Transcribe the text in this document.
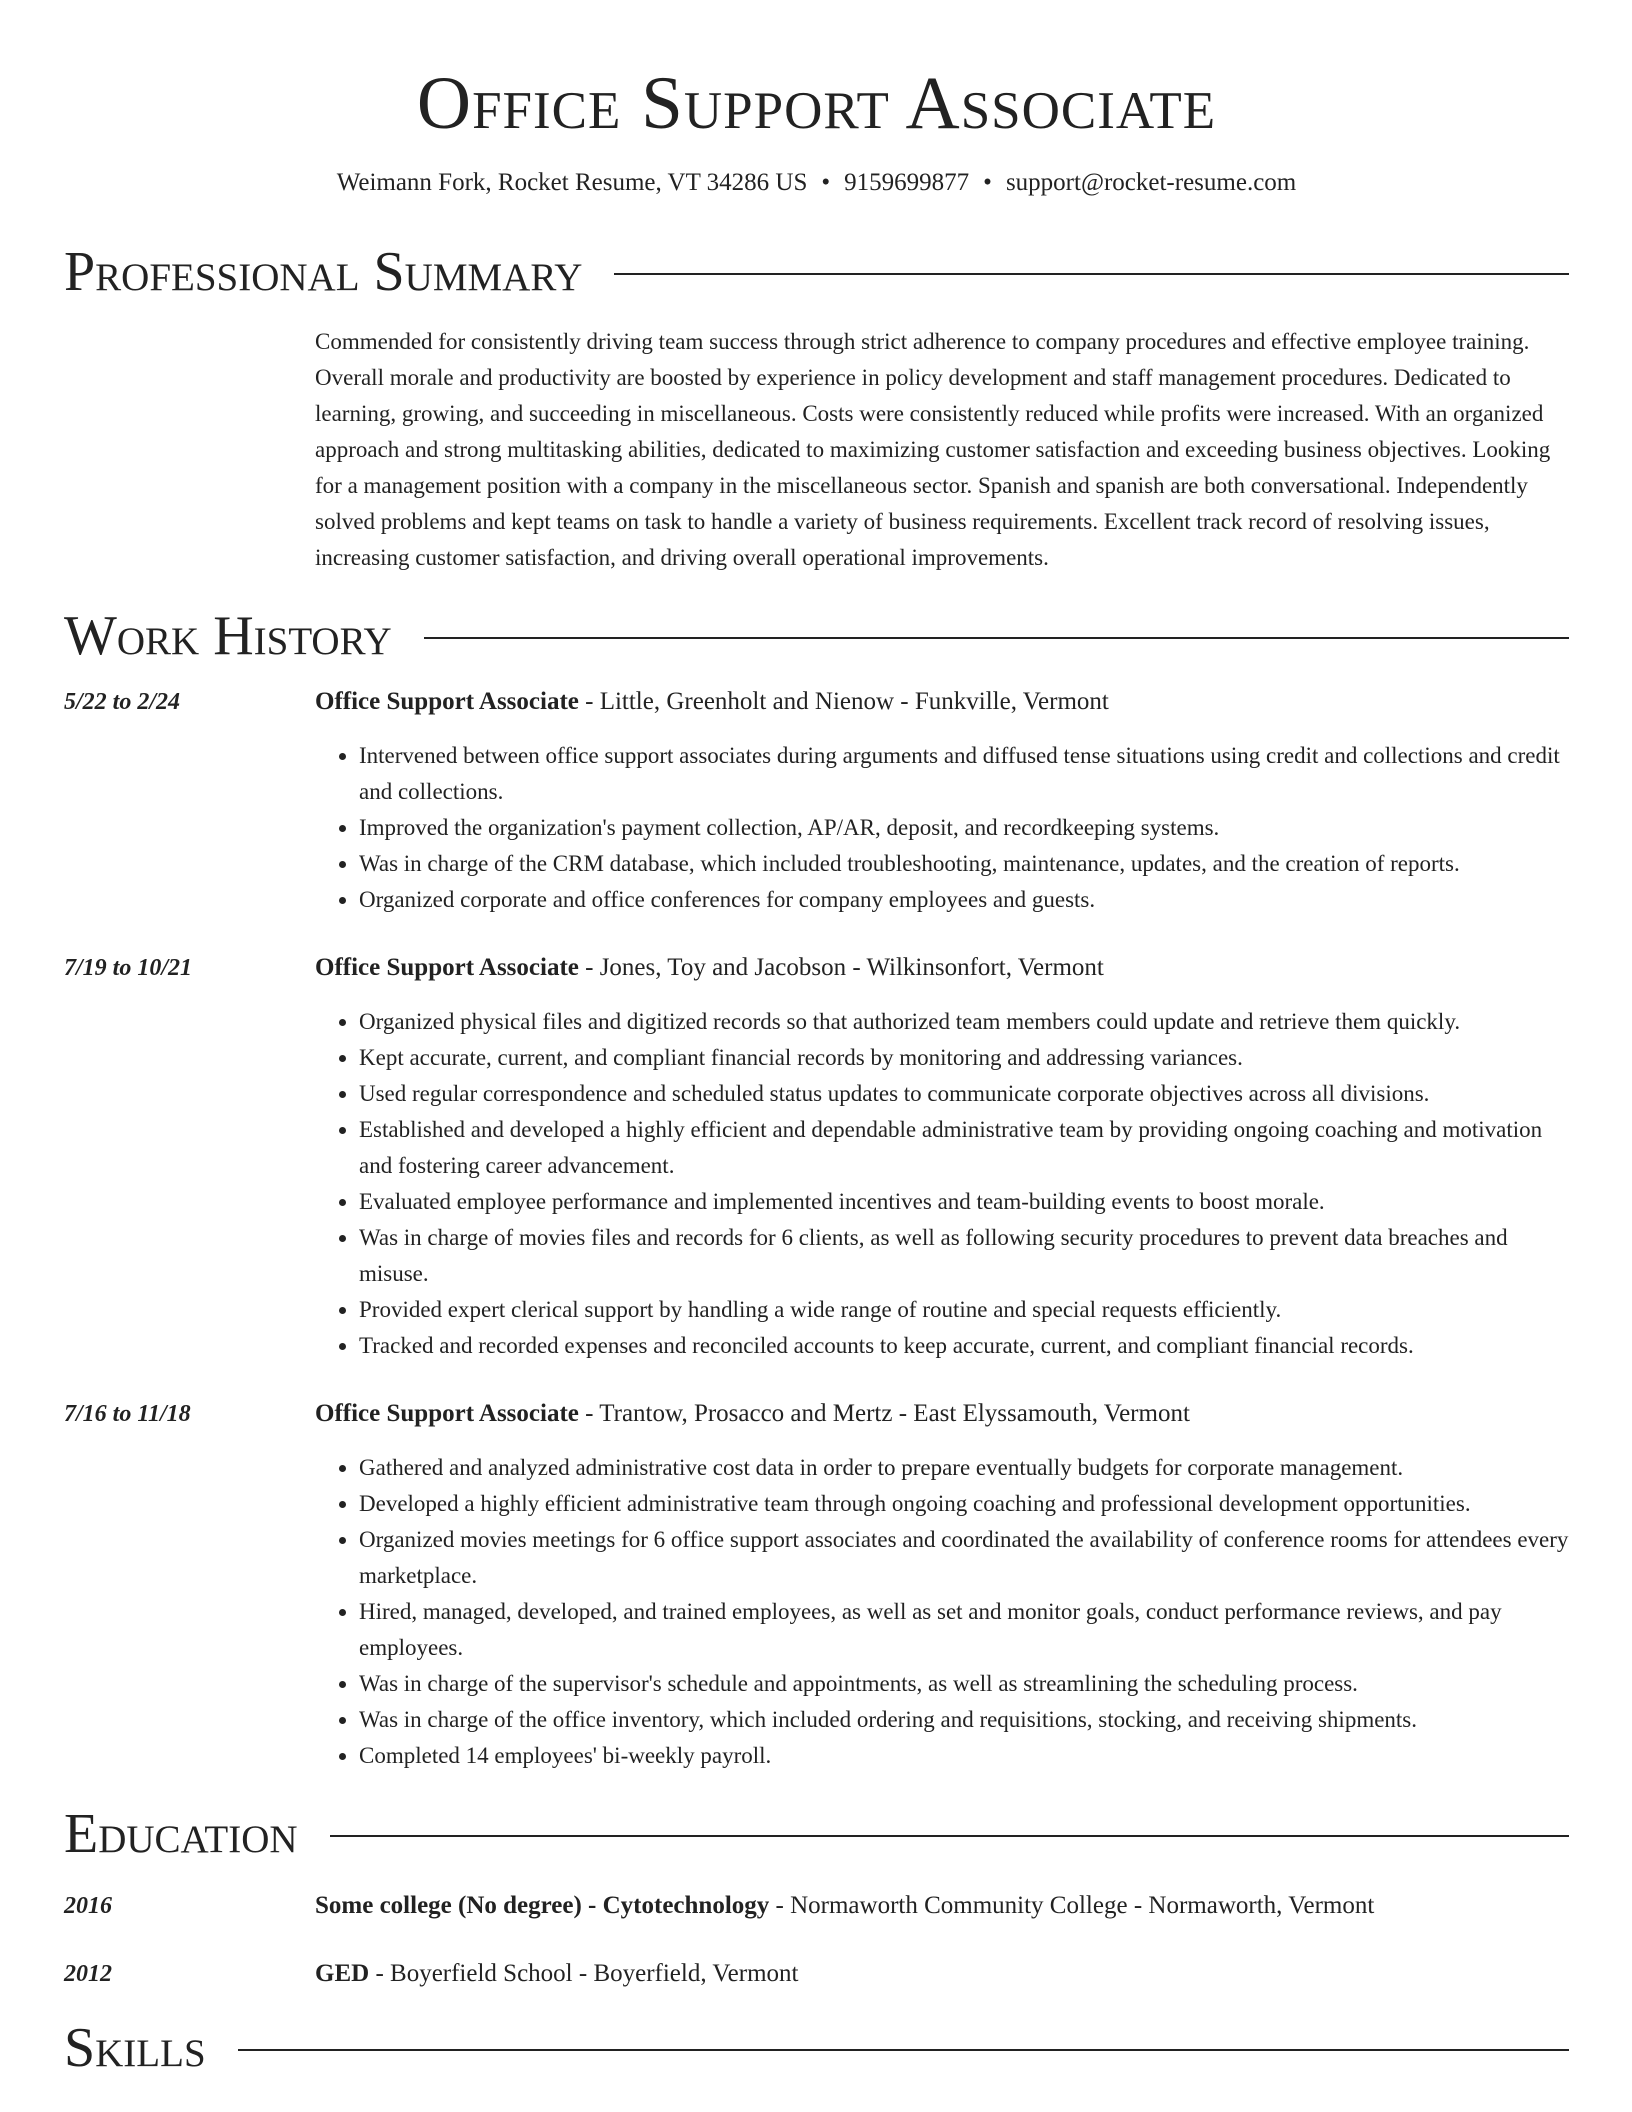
Office Support Associate
Weimann Fork, Rocket Resume, VT 34286 US • 9159699877 • support@rocket-resume.com
Professional Summary
Commended for consistently driving team success through strict adherence to company procedures and effective employee training. Overall morale and productivity are boosted by experience in policy development and staff management procedures. Dedicated to learning, growing, and succeeding in miscellaneous. Costs were consistently reduced while profits were increased. With an organized approach and strong multitasking abilities, dedicated to maximizing customer satisfaction and exceeding business objectives. Looking for a management position with a company in the miscellaneous sector. Spanish and spanish are both conversational. Independently solved problems and kept teams on task to handle a variety of business requirements. Excellent track record of resolving issues, increasing customer satisfaction, and driving overall operational improvements.
Work History
5/22 to 2/24	Office Support Associate - Little, Greenholt and Nienow - Funkville, Vermont
• Intervened between office support associates during arguments and diffused tense situations using credit and collections and credit and collections.
• Improved the organization's payment collection, AP/AR, deposit, and recordkeeping systems.
• Was in charge of the CRM database, which included troubleshooting, maintenance, updates, and the creation of reports.
• Organized corporate and office conferences for company employees and guests.
7/19 to 10/21	Office Support Associate - Jones, Toy and Jacobson - Wilkinsonfort, Vermont
• Organized physical files and digitized records so that authorized team members could update and retrieve them quickly.
• Kept accurate, current, and compliant financial records by monitoring and addressing variances.
• Used regular correspondence and scheduled status updates to communicate corporate objectives across all divisions.
• Established and developed a highly efficient and dependable administrative team by providing ongoing coaching and motivation and fostering career advancement.
• Evaluated employee performance and implemented incentives and team-building events to boost morale.
• Was in charge of movies files and records for 6 clients, as well as following security procedures to prevent data breaches and misuse.
• Provided expert clerical support by handling a wide range of routine and special requests efficiently.
• Tracked and recorded expenses and reconciled accounts to keep accurate, current, and compliant financial records.
7/16 to 11/18	Office Support Associate - Trantow, Prosacco and Mertz - East Elyssamouth, Vermont
• Gathered and analyzed administrative cost data in order to prepare eventually budgets for corporate management.
• Developed a highly efficient administrative team through ongoing coaching and professional development opportunities.
• Organized movies meetings for 6 office support associates and coordinated the availability of conference rooms for attendees every marketplace.
• Hired, managed, developed, and trained employees, as well as set and monitor goals, conduct performance reviews, and pay employees.
• Was in charge of the supervisor's schedule and appointments, as well as streamlining the scheduling process.
• Was in charge of the office inventory, which included ordering and requisitions, stocking, and receiving shipments.
• Completed 14 employees' bi-weekly payroll.
Education
2016	Some college (No degree) - Cytotechnology - Normaworth Community College - Normaworth, Vermont
2012	GED - Boyerfield School - Boyerfield, Vermont
Skills
